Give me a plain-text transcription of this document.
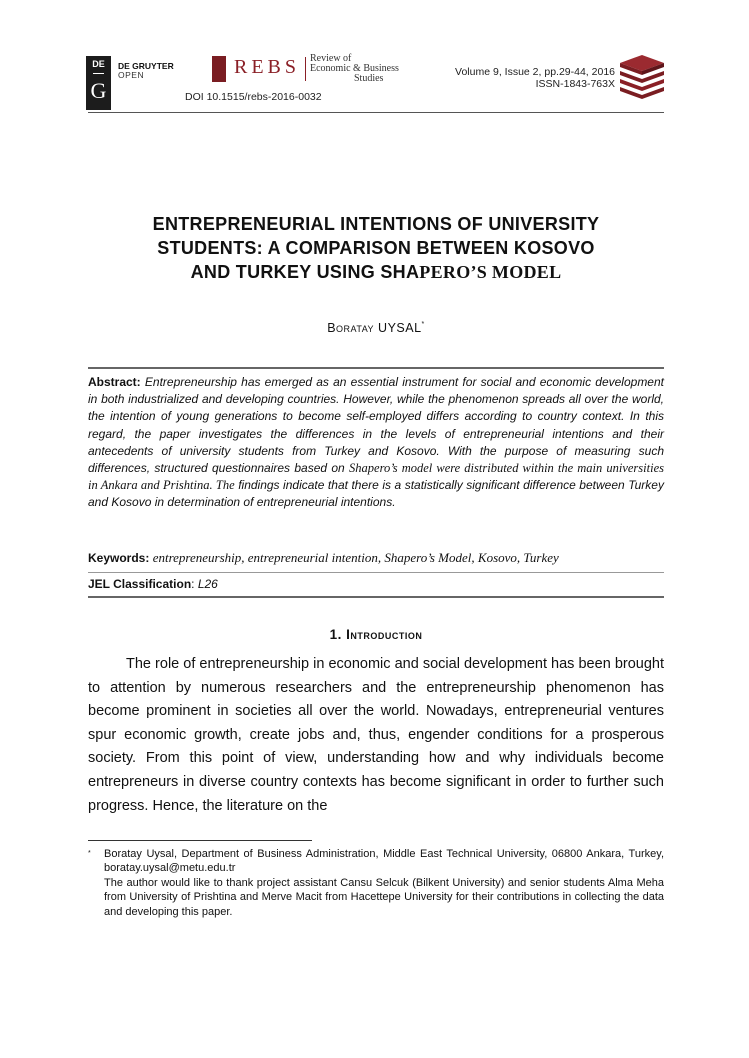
DE
G
DE GRUYTER
OPEN	REBS Review of
Economic & Business
Studies
DOI 10.1515/rebs-2016-0032
Volume 9, Issue 2, pp.29-44, 2016
ISSN-1843-763X
ENTREPRENEURIAL INTENTIONS OF UNIVERSITY
STUDENTS: A COMPARISON BETWEEN KOSOVO
AND TURKEY USING SHAPERO’S MODEL
Boratay UYSAL*
Abstract: Entrepreneurship has emerged as an essential instrument for social and economic development in both industrialized and developing countries. However, while the phenomenon spreads all over the world, the intention of young generations to become self-employed differs according to country context. In this regard, the paper investigates the differences in the levels of entrepreneurial intentions and their antecedents of university students from Turkey and Kosovo. With the purpose of measuring such differences, structured questionnaires based on Shapero’s model were distributed within the main universities in Ankara and Prishtina. The findings indicate that there is a statistically significant difference between Turkey and Kosovo in determination of entrepreneurial intentions.
Keywords: entrepreneurship, entrepreneurial intention, Shapero’s Model, Kosovo, Turkey
JEL Classification: L26
1. Introduction
The role of entrepreneurship in economic and social development has been brought to attention by numerous researchers and the entrepreneurship phenomenon has become prominent in societies all over the world. Nowadays, entrepreneurial ventures spur economic growth, create jobs and, thus, engender conditions for a prosperous society. From this point of view, understanding how and why individuals become entrepreneurs in diverse country contexts has become significant in order to further such progress. Hence, the literature on the
* Boratay Uysal, Department of Business Administration, Middle East Technical University, 06800 Ankara, Turkey, boratay.uysal@metu.edu.tr

The author would like to thank project assistant Cansu Selcuk (Bilkent University) and senior students Alma Meha from University of Prishtina and Merve Macit from Hacettepe University for their contributions in collecting the data and developing this paper.
